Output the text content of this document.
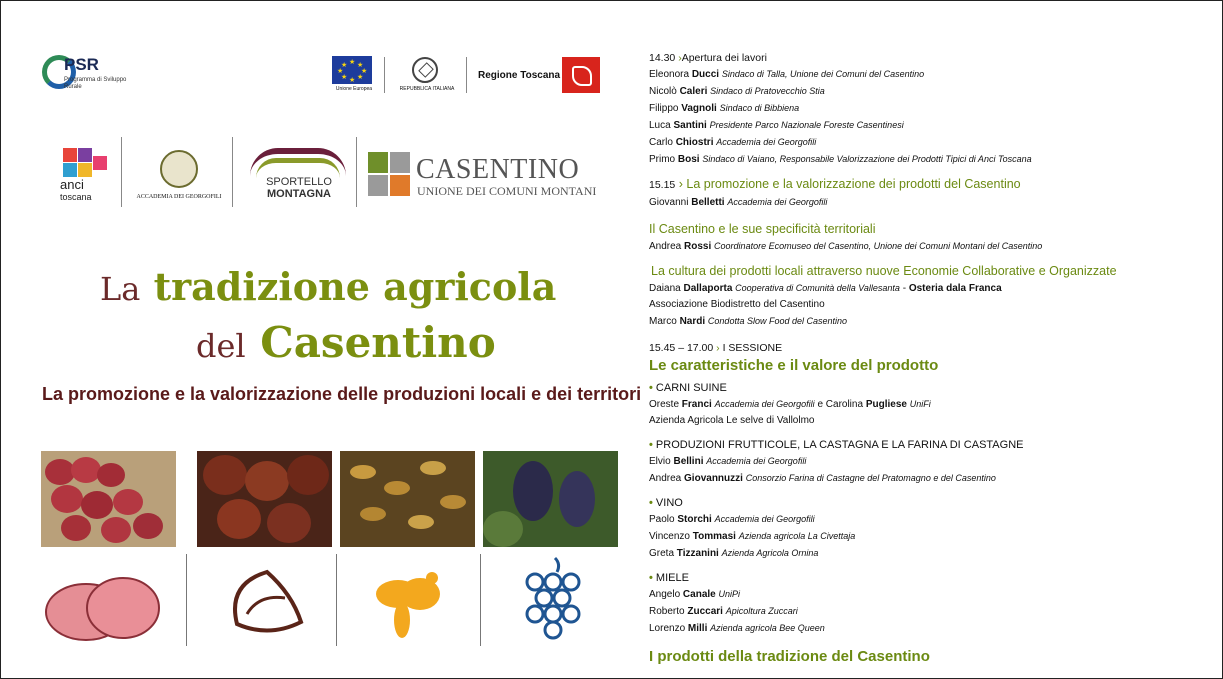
PSR
Programma di Sviluppo Rurale
★ ★
★
★
★
★
★
★
Unione Europea	REPUBBLICA ITALIANA
Regione Toscana
anci
toscana	ACCADEMIA DEI GEORGOFILI
SPORTELLO
MONTAGNA
CASENTINO
UNIONE DEI COMUNI MONTANI
La tradizione agricola
del Casentino
La promozione e la valorizzazione delle produzioni locali e dei territori
14.30 ›Apertura dei lavori
Eleonora Ducci Sindaco di Talla, Unione dei Comuni del Casentino
Nicolò Caleri Sindaco di Pratovecchio Stia
Filippo Vagnoli Sindaco di Bibbiena
Luca Santini Presidente Parco Nazionale Foreste Casentinesi
Carlo Chiostri Accademia dei Georgofili
Primo Bosi Sindaco di Vaiano, Responsabile Valorizzazione dei Prodotti Tipici di Anci Toscana
15.15 › La promozione e la valorizzazione dei prodotti del Casentino
Giovanni Belletti Accademia dei Georgofili
Il Casentino e le sue specificità territoriali
Andrea Rossi Coordinatore Ecomuseo del Casentino, Unione dei Comuni Montani del Casentino
La cultura dei prodotti locali attraverso nuove Economie Collaborative e Organizzate
Daiana Dallaporta Cooperativa di Comunità della Vallesanta - Osteria dala Franca
Associazione Biodistretto del Casentino
Marco Nardi Condotta Slow Food del Casentino
15.45 – 17.00 › I SESSIONE
Le caratteristiche e il valore del prodotto
• CARNI SUINE
Oreste Franci Accademia dei Georgofili e Carolina Pugliese UniFi
Azienda Agricola Le selve di Vallolmo
• PRODUZIONI FRUTTICOLE, LA CASTAGNA E LA FARINA DI CASTAGNE
Elvio Bellini Accademia dei Georgofili
Andrea Giovannuzzi Consorzio Farina di Castagne del Pratomagno e del Casentino
• VINO
Paolo Storchi Accademia dei Georgofili
Vincenzo Tommasi Azienda agricola La Civettaja
Greta Tizzanini Azienda Agricola Ornina
• MIELE
Angelo Canale UniPi
Roberto Zuccari Apicoltura Zuccari
Lorenzo Milli Azienda agricola Bee Queen
I prodotti della tradizione del Casentino
